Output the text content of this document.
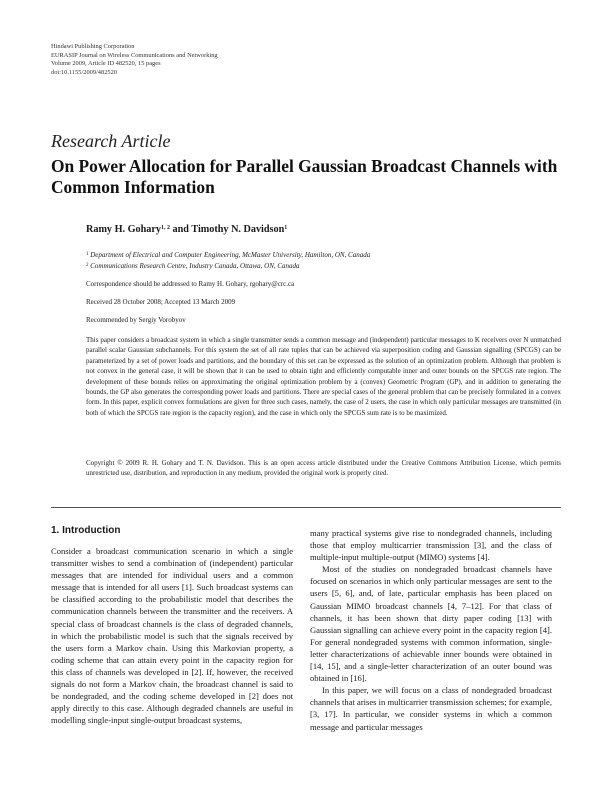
Hindawi Publishing Corporation
EURASIP Journal on Wireless Communications and Networking
Volume 2009, Article ID 482520, 15 pages
doi:10.1155/2009/482520
Research Article
On Power Allocation for Parallel Gaussian Broadcast Channels with Common Information
Ramy H. Gohary$^{1, 2}$ and Timothy N. Davidson$^1$
$^1$ Department of Electrical and Computer Engineering, McMaster University, Hamilton, ON, Canada
$^2$ Communications Research Centre, Industry Canada, Ottawa, ON, Canada
Correspondence should be addressed to Ramy H. Gohary, rgohary@crc.ca
Received 28 October 2008; Accepted 13 March 2009
Recommended by Sergiy Vorobyov
This paper considers a broadcast system in which a single transmitter sends a common message and (independent) particular messages to K receivers over N unmatched parallel scalar Gaussian subchannels. For this system the set of all rate tuples that can be achieved via superposition coding and Gaussian signalling (SPCGS) can be parameterized by a set of power loads and partitions, and the boundary of this set can be expressed as the solution of an optimization problem. Although that problem is not convex in the general case, it will be shown that it can be used to obtain tight and efficiently computable inner and outer bounds on the SPCGS rate region. The development of these bounds relies on approximating the original optimization problem by a (convex) Geometric Program (GP), and in addition to generating the bounds, the GP also generates the corresponding power loads and partitions. There are special cases of the general problem that can be precisely formulated in a convex form. In this paper, explicit convex formulations are given for three such cases, namely, the case of 2 users, the case in which only particular messages are transmitted (in both of which the SPCGS rate region is the capacity region), and the case in which only the SPCGS sum rate is to be maximized.
Copyright © 2009 R. H. Gohary and T. N. Davidson. This is an open access article distributed under the Creative Commons Attribution License, which permits unrestricted use, distribution, and reproduction in any medium, provided the original work is properly cited.
1. Introduction

Consider a broadcast communication scenario in which a single transmitter wishes to send a combination of (independent) particular messages that are intended for individual users and a common message that is intended for all users [1]. Such broadcast systems can be classified according to the probabilistic model that describes the communication channels between the transmitter and the receivers. A special class of broadcast channels is the class of degraded channels, in which the probabilistic model is such that the signals received by the users form a Markov chain. Using this Markovian property, a coding scheme that can attain every point in the capacity region for this class of channels was developed in [2]. If, however, the received signals do not form a Markov chain, the broadcast channel is said to be nondegraded, and the coding scheme developed in [2] does not apply directly to this case. Although degraded channels are useful in modelling single-input single-output broadcast systems,

many practical systems give rise to nondegraded channels, including those that employ multicarrier transmission [3], and the class of multiple-input multiple-output (MIMO) systems [4].

Most of the studies on nondegraded broadcast channels have focused on scenarios in which only particular messages are sent to the users [5, 6], and, of late, particular emphasis has been placed on Gaussian MIMO broadcast channels [4, 7–12]. For that class of channels, it has been shown that dirty paper coding [13] with Gaussian signalling can achieve every point in the capacity region [4]. For general nondegraded systems with common information, single-letter characterizations of achievable inner bounds were obtained in [14, 15], and a single-letter characterization of an outer bound was obtained in [16].

In this paper, we will focus on a class of nondegraded broadcast channels that arises in multicarrier transmission schemes; for example, [3, 17]. In particular, we consider systems in which a common message and particular messages
